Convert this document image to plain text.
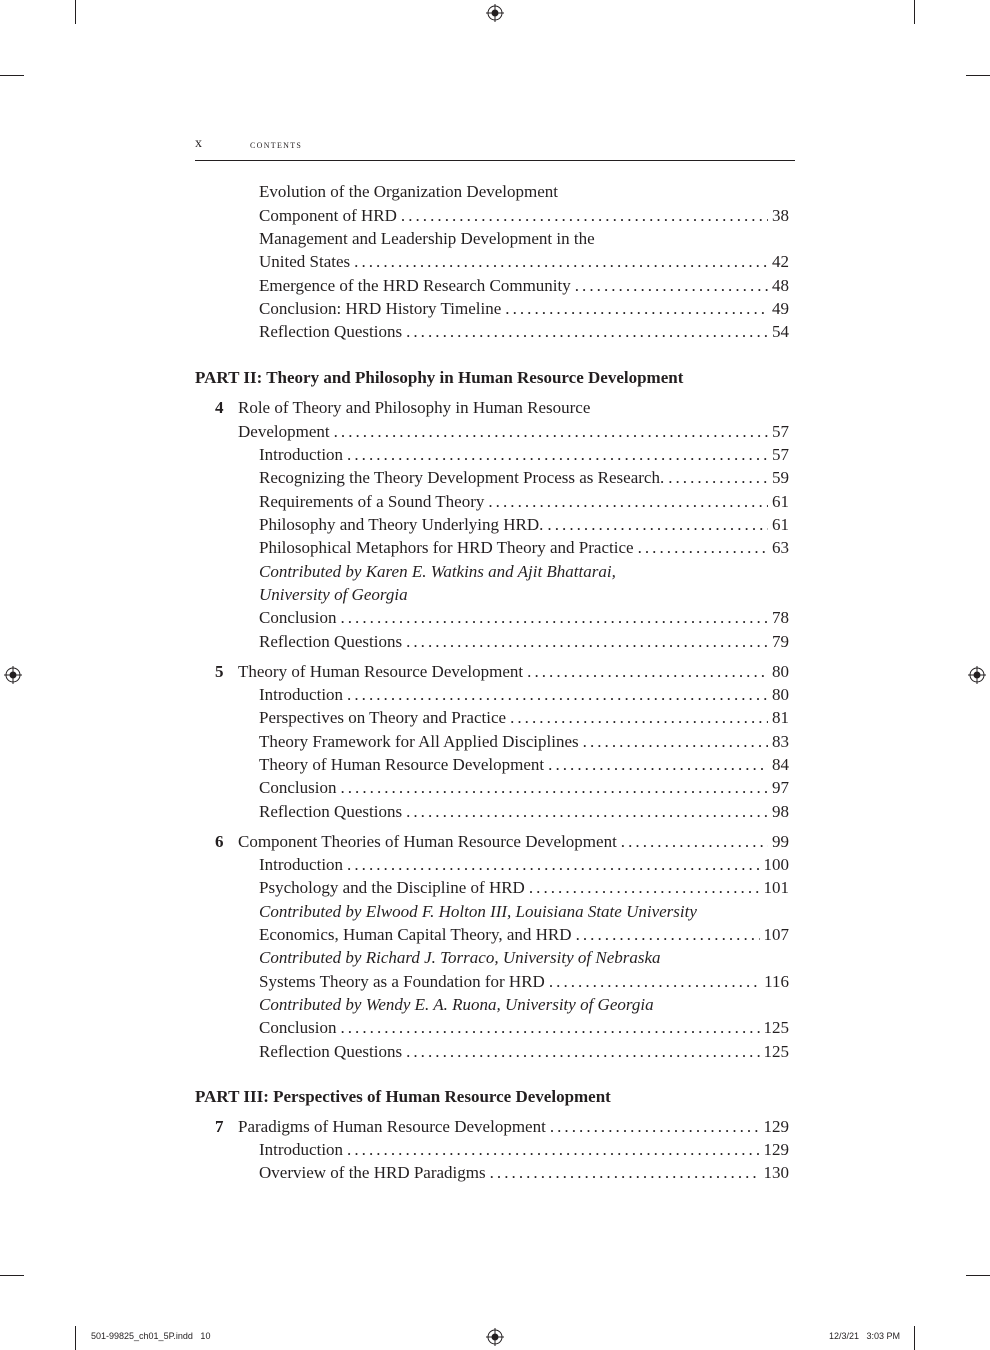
x	contents
Evolution of the Organization Development
Component of HRD . . .	38
Management and Leadership Development in the
United States . . .	42
Emergence of the HRD Research Community . . .	48
Conclusion: HRD History Timeline . . .	49
Reflection Questions . . .	54
PART II: Theory and Philosophy in Human Resource Development
4 Role of Theory and Philosophy in Human Resource
Development . . .	57
Introduction . . .	57
Recognizing the Theory Development Process as Research. . . .	59
Requirements of a Sound Theory . . .	61
Philosophy and Theory Underlying HRD. . . .	61
Philosophical Metaphors for HRD Theory and Practice . . .	63
Contributed by Karen E. Watkins and Ajit Bhattarai,
University of Georgia
Conclusion . . .	78
Reflection Questions . . .	79
5 Theory of Human Resource Development . . .	80
Introduction . . .	80
Perspectives on Theory and Practice . . .	81
Theory Framework for All Applied Disciplines . . .	83
Theory of Human Resource Development . . .	84
Conclusion . . .	97
Reflection Questions . . .	98
6 Component Theories of Human Resource Development . . .	99
Introduction . . .	100
Psychology and the Discipline of HRD . . .	101
Contributed by Elwood F. Holton III, Louisiana State University
Economics, Human Capital Theory, and HRD . . .	107
Contributed by Richard J. Torraco, University of Nebraska
Systems Theory as a Foundation for HRD . . .	116
Contributed by Wendy E. A. Ruona, University of Georgia
Conclusion . . .	125
Reflection Questions . . .	125
PART III: Perspectives of Human Resource Development
7 Paradigms of Human Resource Development . . .	129
Introduction . . .	129
Overview of the HRD Paradigms . . .	130
501-99825_ch01_5P.indd   10	12/3/21   3:03 PM
